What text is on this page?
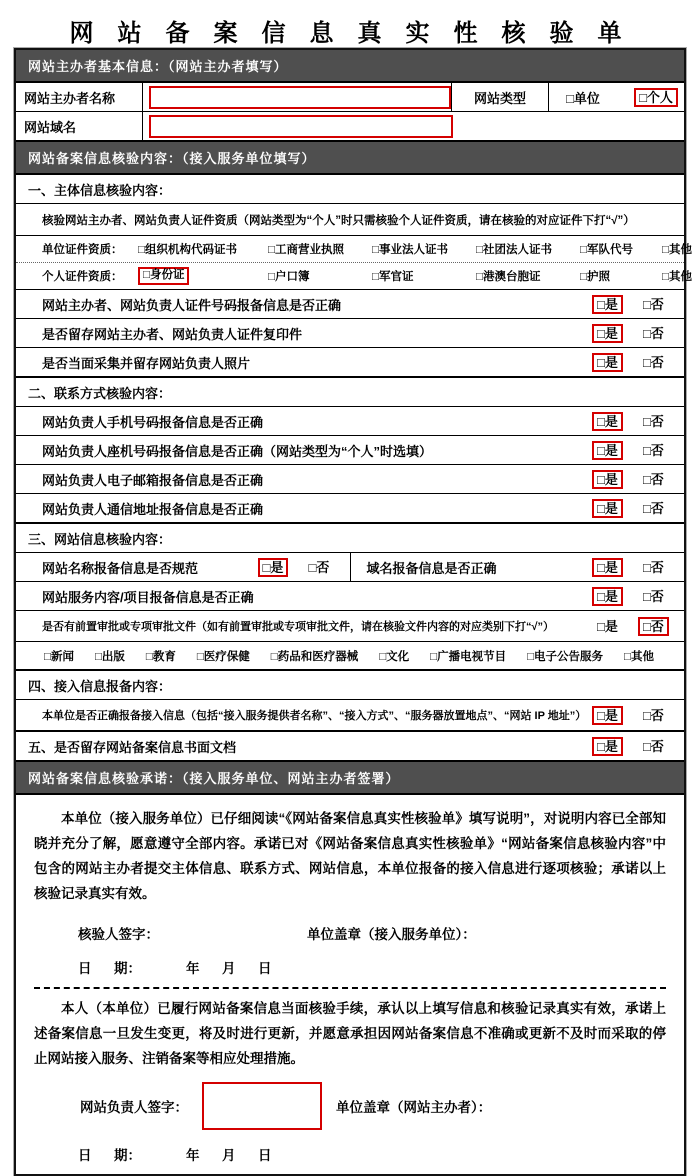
网 站 备 案 信 息 真 实 性 核 验 单
网站主办者基本信息：（网站主办者填写）
网站主办者名称	网站类型	□单位	□个人
网站域名
网站备案信息核验内容：（接入服务单位填写）
一、主体信息核验内容：
核验网站主办者、网站负责人证件资质（网站类型为“个人”时只需核验个人证件资质，请在核验的对应证件下打“√”）
单位证件资质：	□组织机构代码证书	□工商营业执照	□事业法人证书	□社团法人证书	□军队代号	□其他
个人证件资质：	□身份证	□户口簿	□军官证	□港澳台胞证	□护照	□其他
网站主办者、网站负责人证件号码报备信息是否正确	□是	□否
是否留存网站主办者、网站负责人证件复印件	□是	□否
是否当面采集并留存网站负责人照片	□是	□否
二、联系方式核验内容：
网站负责人手机号码报备信息是否正确	□是	□否
网站负责人座机号码报备信息是否正确（网站类型为“个人”时选填）	□是	□否
网站负责人电子邮箱报备信息是否正确	□是	□否
网站负责人通信地址报备信息是否正确	□是	□否
三、网站信息核验内容：
网站名称报备信息是否规范	□是	□否	域名报备信息是否正确	□是	□否
网站服务内容/项目报备信息是否正确	□是	□否
是否有前置审批或专项审批文件（如有前置审批或专项审批文件，请在核验文件内容的对应类别下打“√”）	□是	□否
□新闻 □出版 □教育 □医疗保健 □药品和医疗器械 □文化 □广播电视节目 □电子公告服务 □其他
四、接入信息报备内容：
本单位是否正确报备接入信息（包括“接入服务提供者名称”、“接入方式”、“服务器放置地点”、“网站 IP 地址”） □是	□否
五、是否留存网站备案信息书面文档	□是	□否
网站备案信息核验承诺：（接入服务单位、网站主办者签署）

本单位（接入服务单位）已仔细阅读“《网站备案信息真实性核验单》填写说明”，对说明内容已全部知晓并充分了解，愿意遵守全部内容。承诺已对《网站备案信息真实性核验单》“网站备案信息核验内容”中包含的网站主办者提交主体信息、联系方式、网站信息，本单位报备的接入信息进行逐项核验；承诺以上核验记录真实有效。

核验人签字：	单位盖章（接入服务单位）：
日      期：            年      月      日

本人（本单位）已履行网站备案信息当面核验手续，承认以上填写信息和核验记录真实有效，承诺上述备案信息一旦发生变更，将及时进行更新，并愿意承担因网站备案信息不准确或更新不及时而采取的停止网站接入服务、注销备案等相应处理措施。

网站负责人签字：	单位盖章（网站主办者）：
日      期：            年      月      日
